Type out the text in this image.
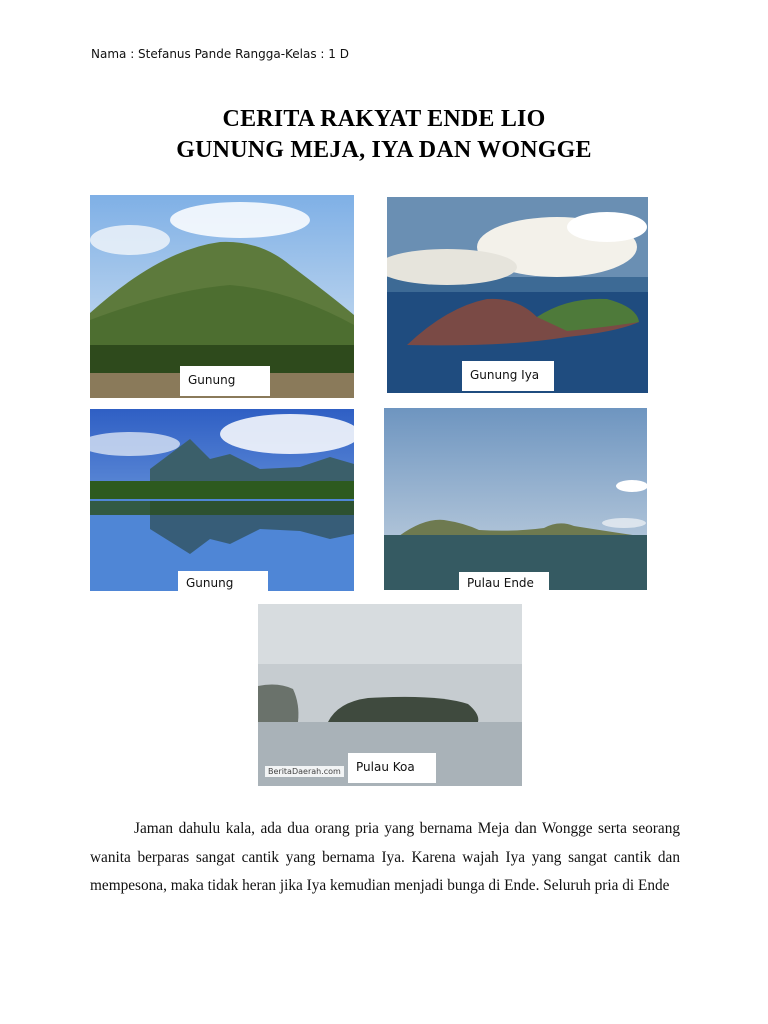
Nama : Stefanus Pande Rangga-Kelas : 1 D
CERITA RAKYAT ENDE LIO
GUNUNG MEJA, IYA DAN WONGGE
Gunung	Gunung Iya
Gunung	Pulau Ende
BeritaDaerah.com	Pulau Koa

Jaman dahulu kala, ada dua orang pria yang bernama Meja dan Wongge serta seorang wanita berparas sangat cantik yang bernama Iya. Karena wajah Iya yang sangat cantik dan mempesona, maka tidak heran jika Iya kemudian menjadi bunga di Ende. Seluruh pria di Ende
